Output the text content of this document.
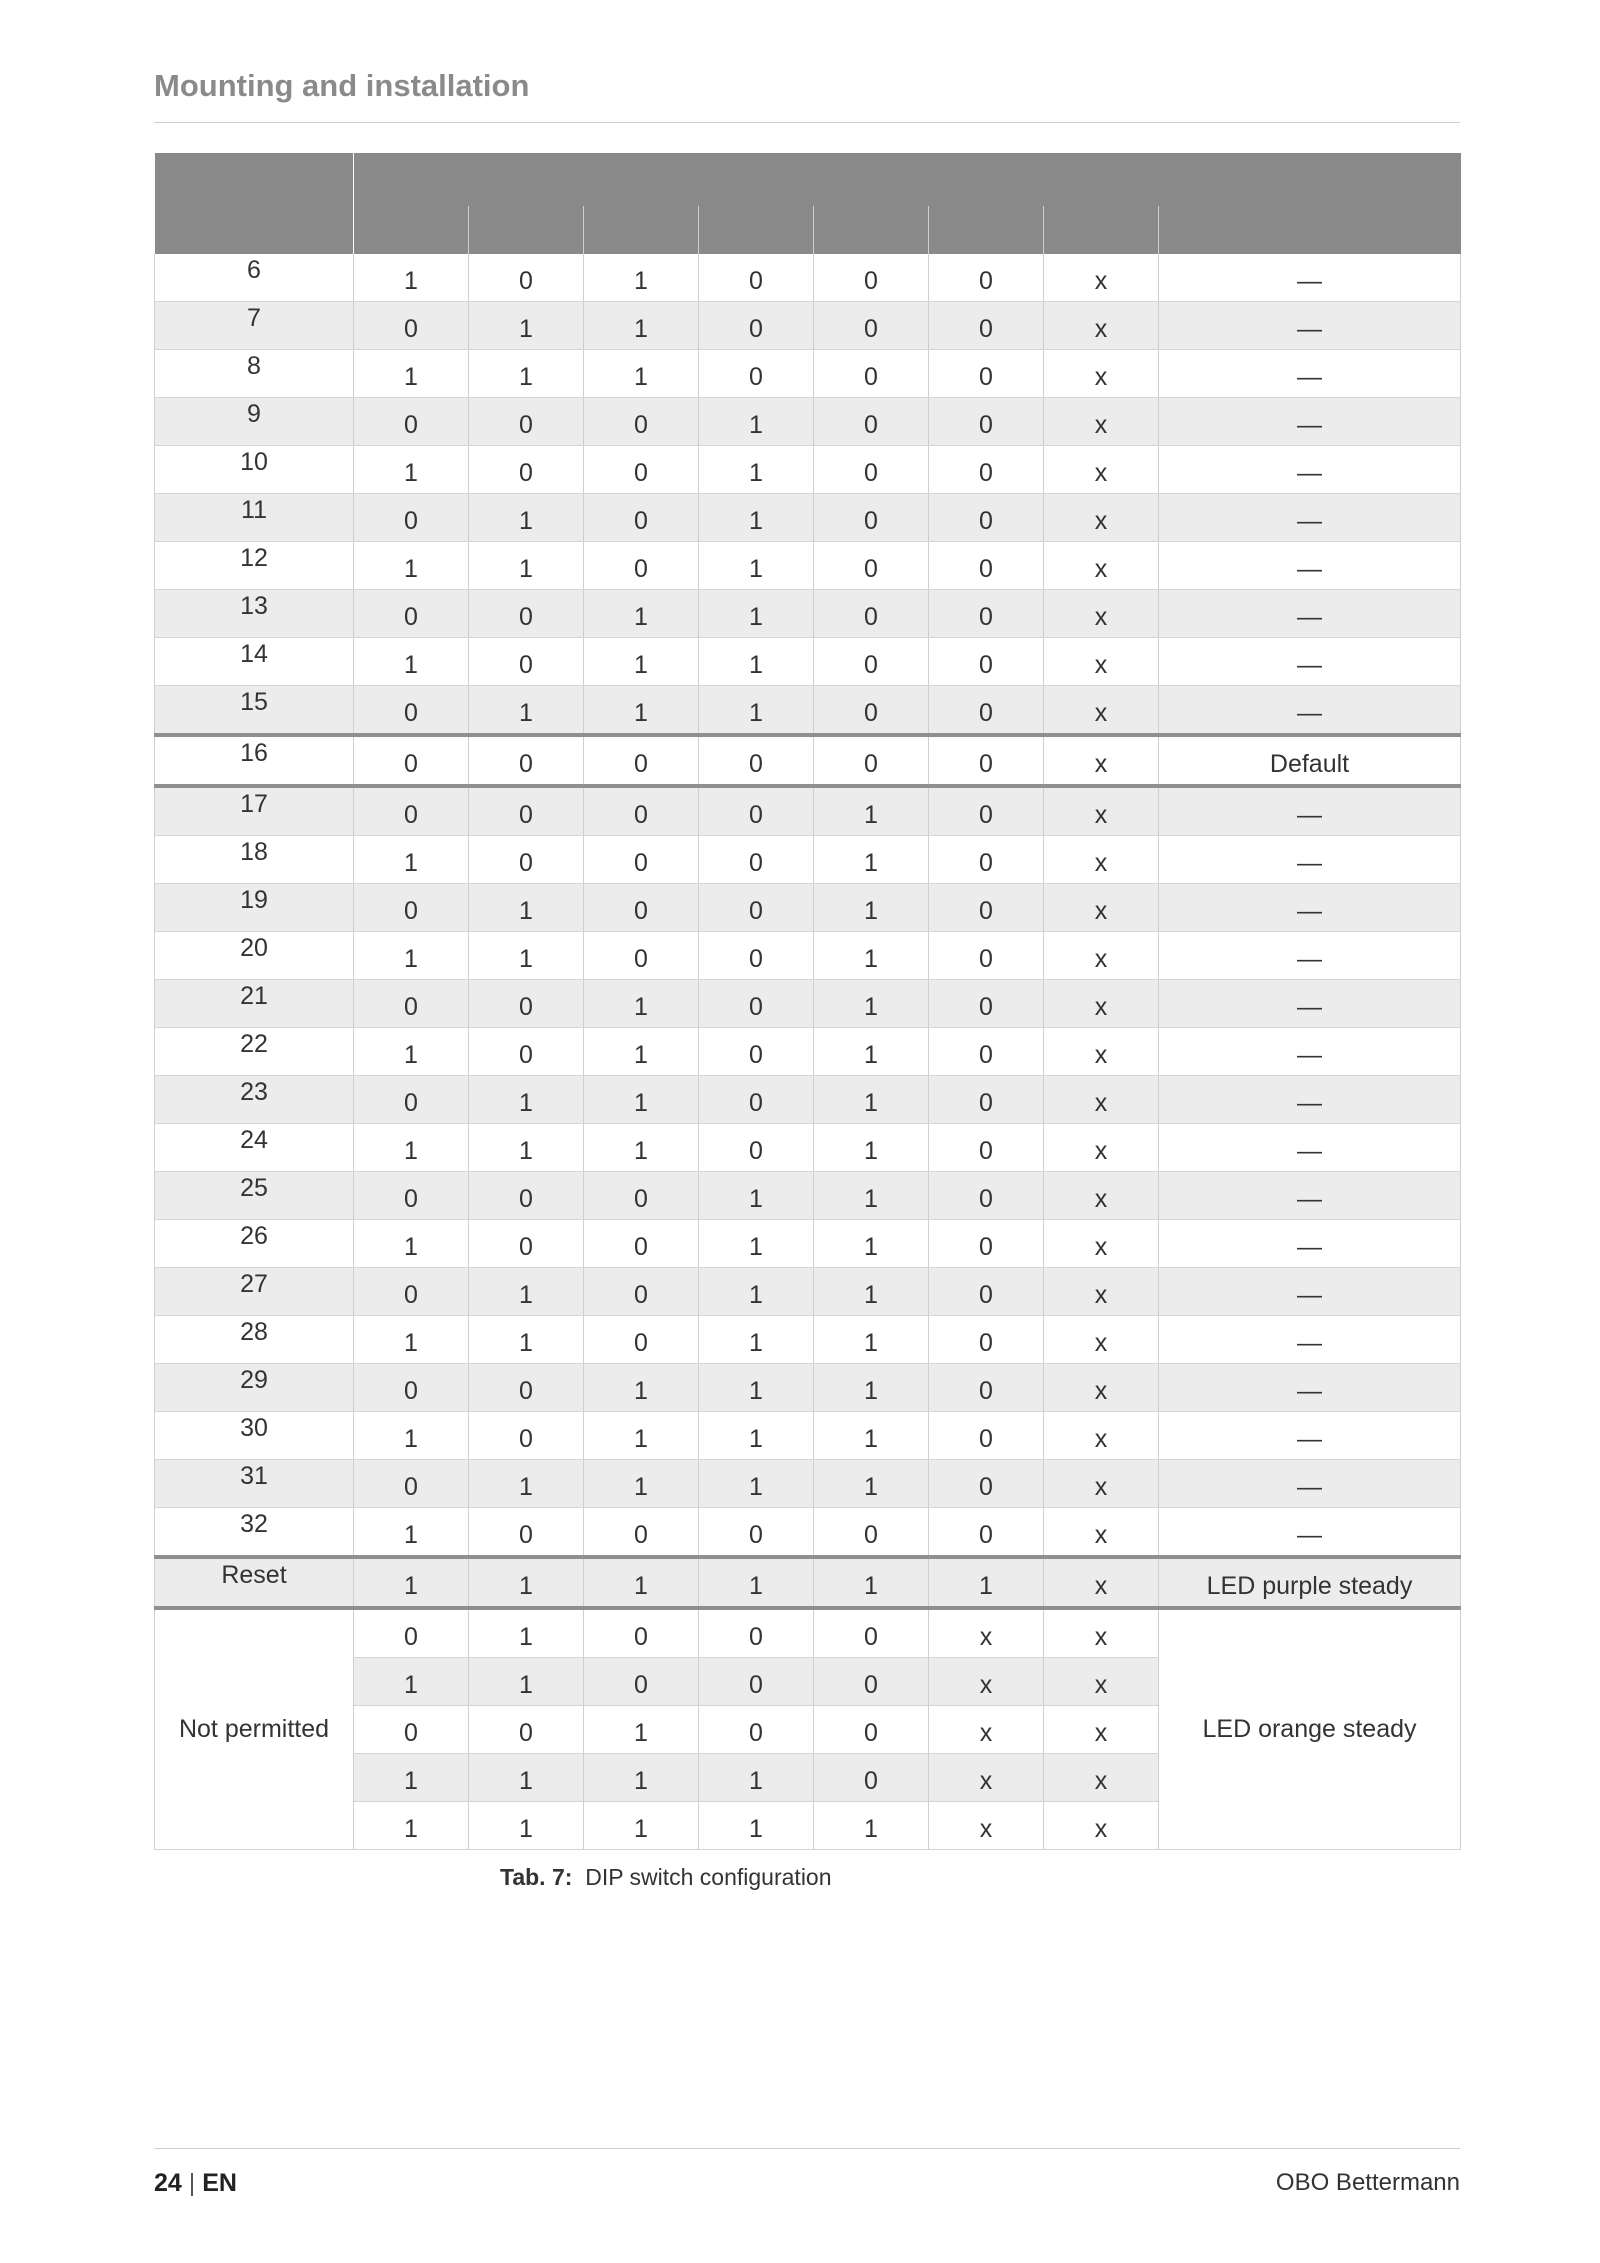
Mounting and installation

6	1	0	1	0	0	0	x	—
7	0	1	1	0	0	0	x	—
8	1	1	1	0	0	0	x	—
9	0	0	0	1	0	0	x	—
10	1	0	0	1	0	0	x	—
11	0	1	0	1	0	0	x	—
12	1	1	0	1	0	0	x	—
13	0	0	1	1	0	0	x	—
14	1	0	1	1	0	0	x	—
15	0	1	1	1	0	0	x	—
16	0	0	0	0	0	0	x	Default
17	0	0	0	0	1	0	x	—
18	1	0	0	0	1	0	x	—
19	0	1	0	0	1	0	x	—
20	1	1	0	0	1	0	x	—
21	0	0	1	0	1	0	x	—
22	1	0	1	0	1	0	x	—
23	0	1	1	0	1	0	x	—
24	1	1	1	0	1	0	x	—
25	0	0	0	1	1	0	x	—
26	1	0	0	1	1	0	x	—
27	0	1	0	1	1	0	x	—
28	1	1	0	1	1	0	x	—
29	0	0	1	1	1	0	x	—
30	1	0	1	1	1	0	x	—
31	0	1	1	1	1	0	x	—
32	1	0	0	0	0	0	x	—
Reset	1	1	1	1	1	1	x	LED purple steady
Not permitted	0	1	0	0	0	x	x	LED orange steady
	1	1	0	0	0	x	x	
	0	0	1	0	0	x	x	
	1	1	1	1	0	x	x	
	1	1	1	1	1	x	x	
Tab. 7: DIP switch configuration
24 | EN	OBO Bettermann
